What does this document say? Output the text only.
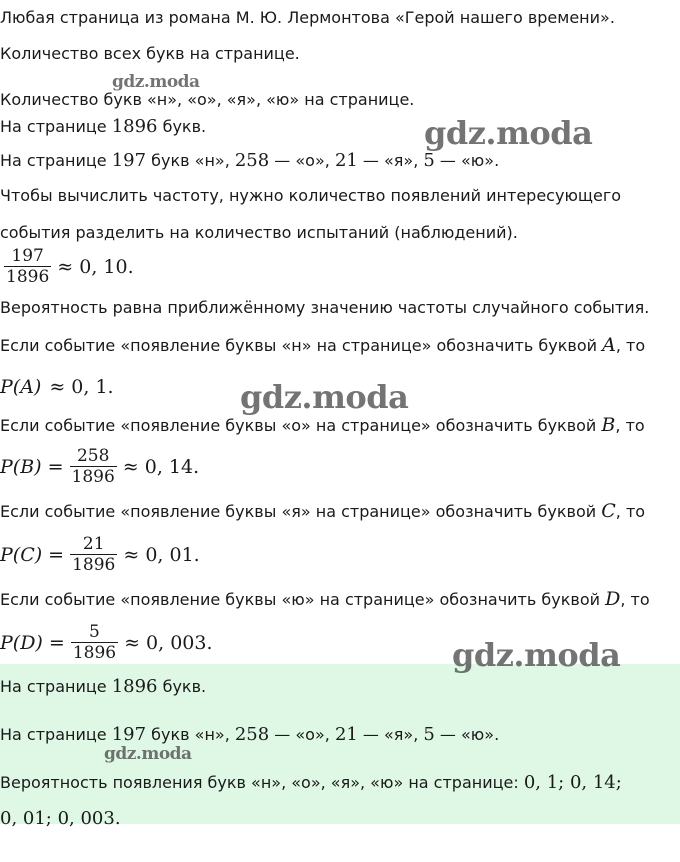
Любая страница из романа М. Ю. Лермонтова «Герой нашего времени».
Количество всех букв на странице.
Количество букв «н», «о», «я», «ю» на странице.
На странице 1896 букв.
На странице 197 букв «н», 258 — «о», 21 — «я», 5 — «ю».
Чтобы вычислить частоту, нужно количество появлений интересующего
события разделить на количество испытаний (наблюдений).
$\frac{197}{1896} \approx 0$, 10.
Вероятность равна приближённому значению частоты случайного события.
Если событие «появление буквы «н» на странице» обозначить буквой A, то
P(A) ≈ 0, 1.
Если событие «появление буквы «о» на странице» обозначить буквой B, то
$P(B) = \frac{258}{1896} \approx 0$, 14.
Если событие «появление буквы «я» на странице» обозначить буквой C, то
$P(C) = \frac{21}{1896} \approx 0$, 01.
Если событие «появление буквы «ю» на странице» обозначить буквой D, то
$P(D) = \frac{5}{1896} \approx 0$, 003.
На странице 1896 букв.
На странице 197 букв «н», 258 — «о», 21 — «я», 5 — «ю».
Вероятность появления букв «н», «о», «я», «ю» на странице: 0, 1; 0, 14;
0, 01; 0, 003.
gdz.moda
gdz.moda
gdz.moda
gdz.moda
gdz.moda
